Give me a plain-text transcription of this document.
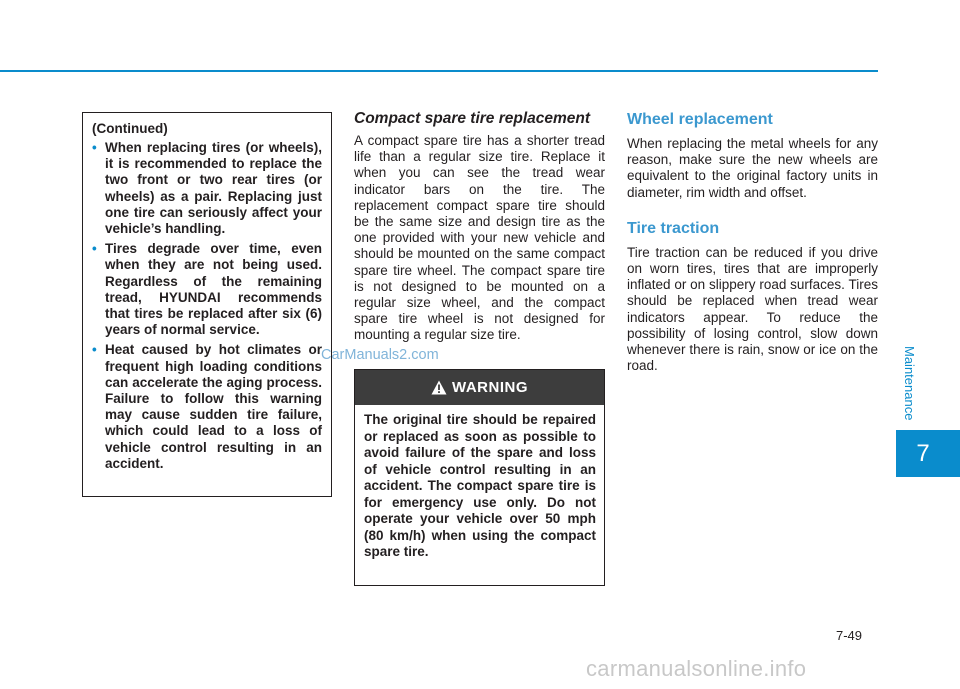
Maintenance
7
(Continued)
• When replacing tires (or wheels), it is recommended to replace the two front or two rear tires (or wheels) as a pair. Replacing just one tire can seriously affect your vehicle’s handling.
• Tires degrade over time, even when they are not being used. Regardless of the remaining tread, HYUNDAI recommends that tires be replaced after six (6) years of normal service.
• Heat caused by hot climates or frequent high loading conditions can accelerate the aging process. Failure to follow this warning may cause sudden tire failure, which could lead to a loss of vehicle control resulting in an accident.
Compact spare tire replacement

A compact spare tire has a shorter tread life than a regular size tire. Replace it when you can see the tread wear indicator bars on the tire. The replacement compact spare tire should be the same size and design tire as the one provided with your new vehicle and should be mounted on the same compact spare tire wheel. The compact spare tire is not designed to be mounted on a regular size wheel, and the compact spare tire wheel is not designed for mounting a regular size tire.

WARNING
The original tire should be repaired or replaced as soon as possible to avoid failure of the spare and loss of vehicle control resulting in an accident. The compact spare tire is for emergency use only. Do not operate your vehicle over 50 mph (80 km/h) when using the compact spare tire.
Wheel replacement

When replacing the metal wheels for any reason, make sure the new wheels are equivalent to the original factory units in diameter, rim width and offset.

Tire traction

Tire traction can be reduced if you drive on worn tires, tires that are improperly inflated or on slippery road surfaces. Tires should be replaced when tread wear indicators appear. To reduce the possibility of losing control, slow down whenever there is rain, snow or ice on the road.

7-49
CarManuals2.com
carmanualsonline.info
